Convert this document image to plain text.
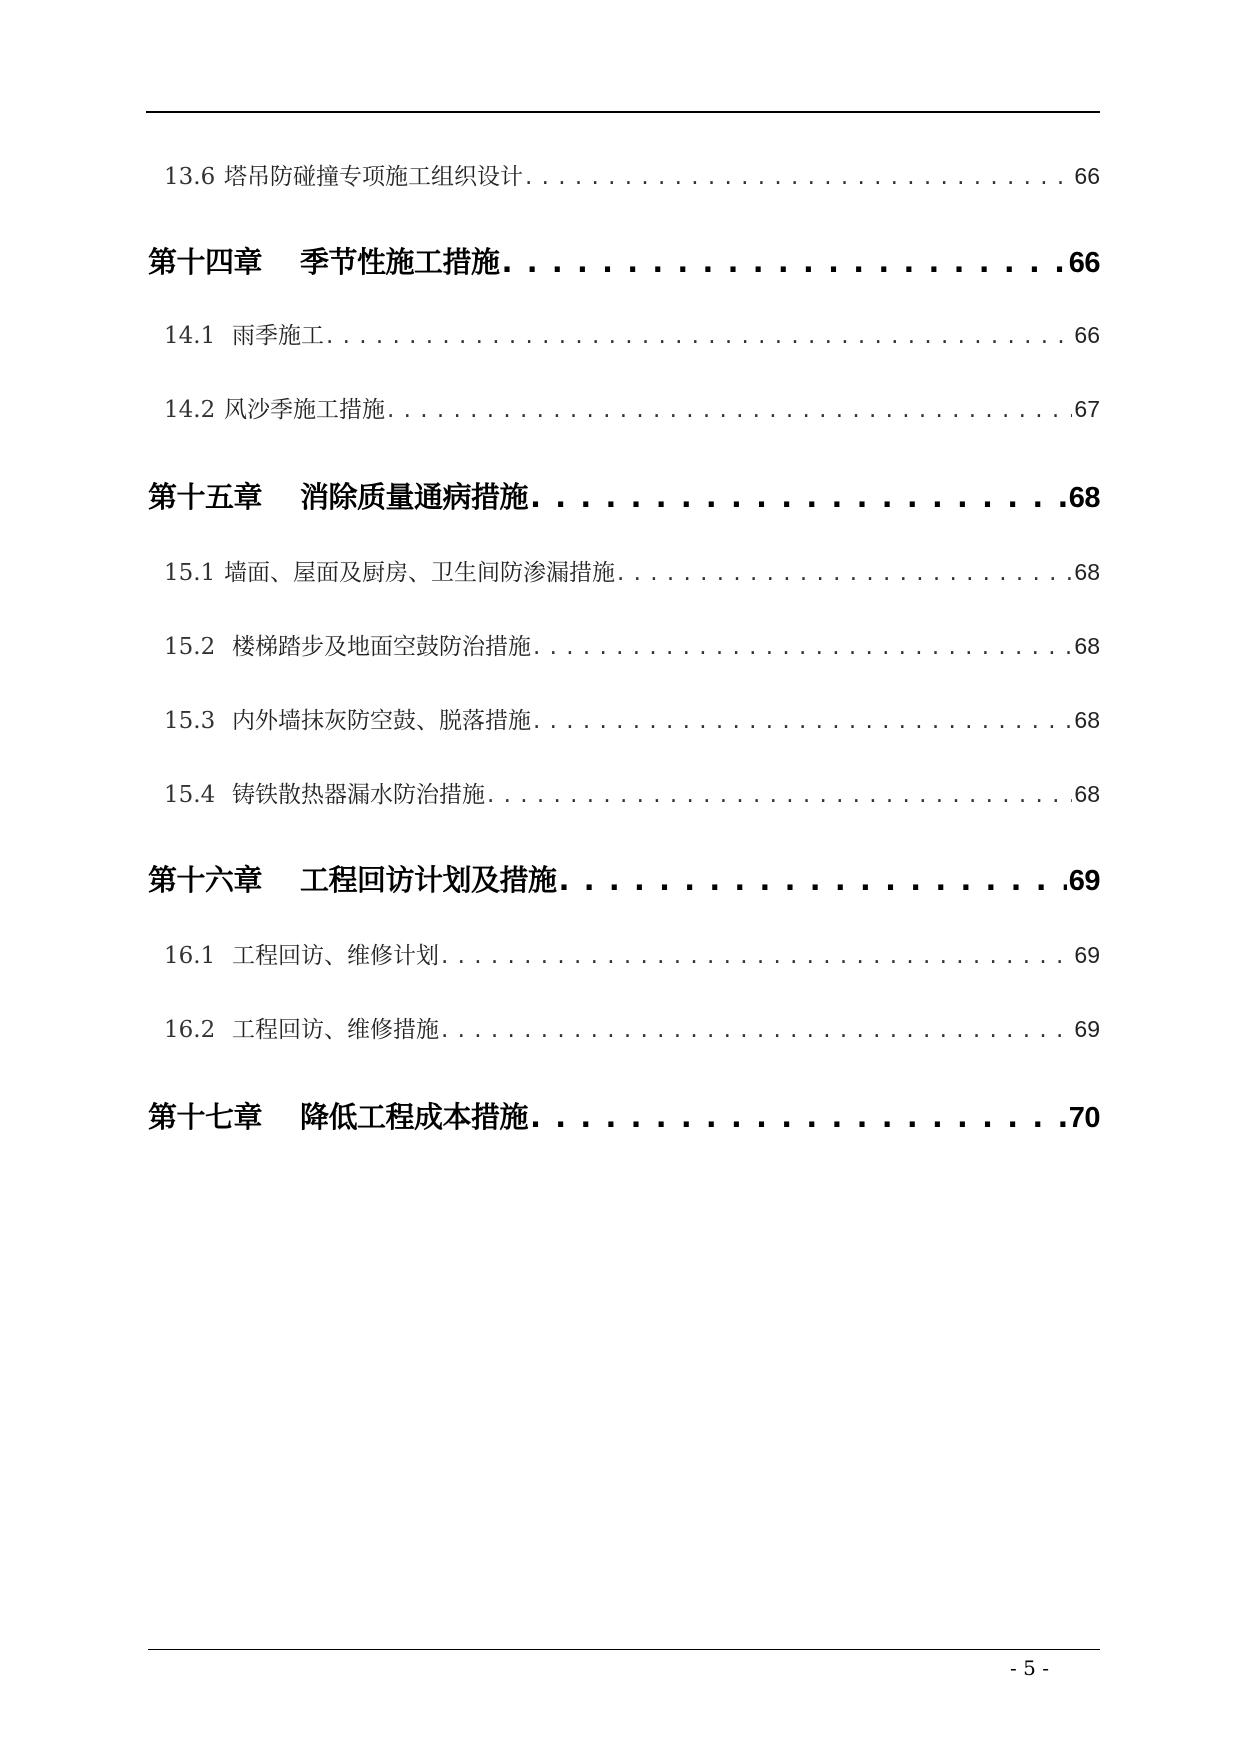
13.6 塔吊防碰撞专项施工组织设计 . . .	66
第十四章	季节性施工措施 . . .	66
14.1 雨季施工 . . .	66
14.2 风沙季施工措施 . . .	67
第十五章	消除质量通病措施 . . .	68
15.1 墙面、屋面及厨房、卫生间防渗漏措施 . . .	68
15.2 楼梯踏步及地面空鼓防治措施 . . .	68
15.3 内外墙抹灰防空鼓、脱落措施 . . .	68
15.4 铸铁散热器漏水防治措施 . . .	68
第十六章	工程回访计划及措施 . . .	69
16.1 工程回访、维修计划 . . .	69
16.2 工程回访、维修措施 . . .	69
第十七章	降低工程成本措施 . . .	70
- 5 -
